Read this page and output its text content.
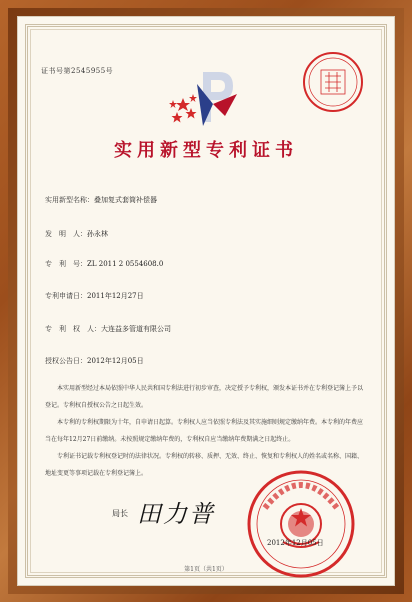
证书号第2545955号
实用新型专利证书
实用新型名称：叠加复式套筒补偿器
发　明　人：孙永林
专　利　号：ZL 2011 2 0554608.0
专利申请日：2011年12月27日
专　利　权　人：大连益多管道有限公司
授权公告日：2012年12月05日
本实用新型经过本局依照中华人民共和国专利法进行初步审查，决定授予专利权，颁发本证书并在专利登记簿上予以登记。专利权自授权公告之日起生效。
本专利的专利权期限为十年，自申请日起算。专利权人应当依照专利法及其实施细则规定缴纳年费。本专利的年费应当在每年12月27日前缴纳。未按照规定缴纳年费的，专利权自应当缴纳年费期满之日起终止。
专利证书记载专利权登记时的法律状况。专利权的转移、质押、无效、终止、恢复和专利权人的姓名或名称、国籍、地址变更等事项记载在专利登记簿上。
局长 田力普
2012年12月05日
第1页（共1页）
